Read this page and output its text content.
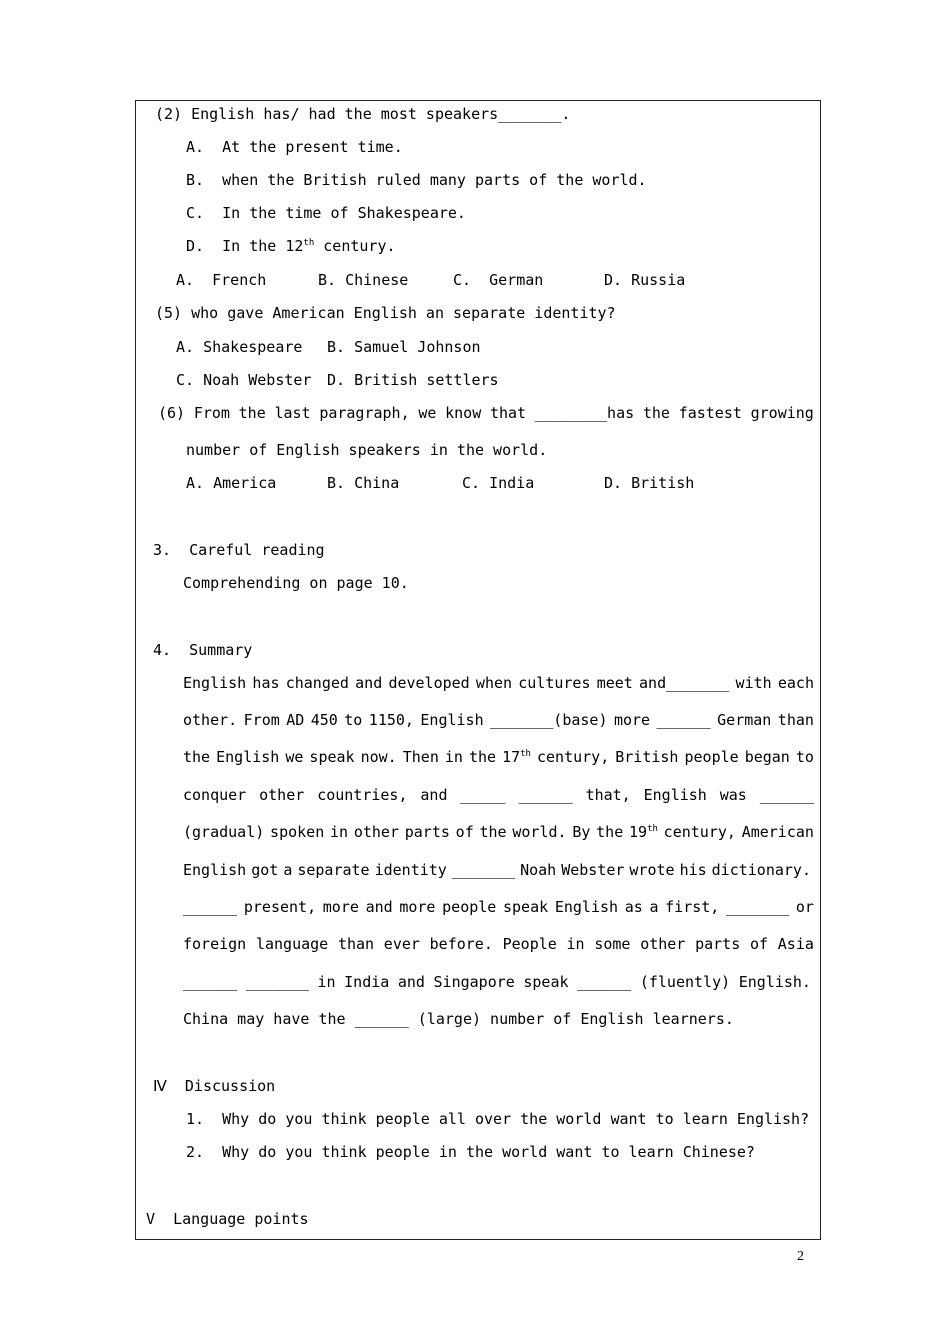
(2) English has/ had the most speakers_______.
A.  At the present time.
B.  when the British ruled many parts of the world.
C.  In the time of Shakespeare.
D.  In the 12th century.
A.  French	B. Chinese	C.  German	D. Russia
(5) who gave American English an separate identity?
A. Shakespeare B. Samuel Johnson
C. Noah Webster D. British settlers
(6) From the last paragraph, we know that ________has the fastest growing
number of English speakers in the world.
A. America	B. China	C. India	D. British
3.  Careful reading
Comprehending on page 10.
4.  Summary
English has changed and developed when cultures meet and_______ with each
other. From AD 450 to 1150, English _______(base) more ______ German than
the English we speak now. Then in the 17th century, British people began to
conquer other countries, and _____ ______ that, English was ______
(gradual) spoken in other parts of the world. By the 19th century, American
English got a separate identity _______ Noah Webster wrote his dictionary.
______ present, more and more people speak English as a first, _______ or
foreign language than ever before. People in some other parts of Asia
______ _______ in India and Singapore speak ______ (fluently) English.
China may have the ______ (large) number of English learners.
Ⅳ  Discussion
1.  Why do you think people all over the world want to learn English?
2.  Why do you think people in the world want to learn Chinese?
V  Language points
2
